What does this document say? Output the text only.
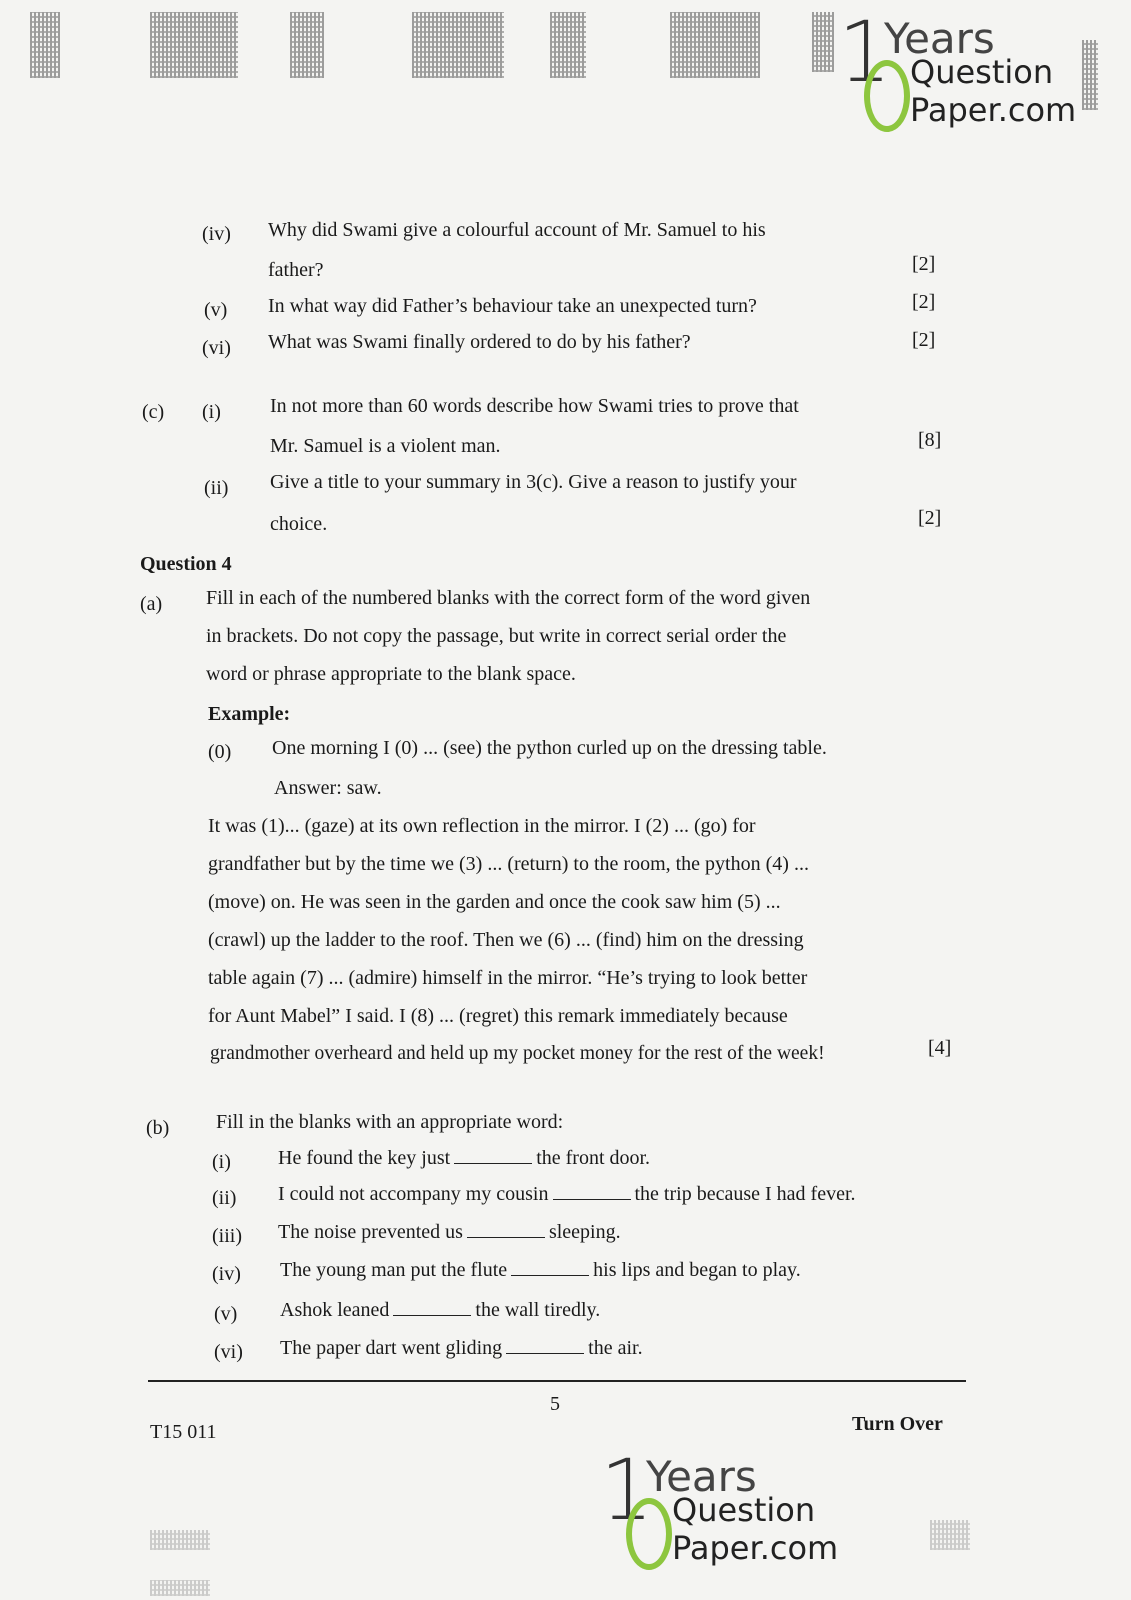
1
Years
Question
Paper.com
1
Years
Question
Paper.com
(iv) Why did Swami give a colourful account of Mr. Samuel to his
father?	[2]
(v) In what way did Father’s behaviour take an unexpected turn?	[2]
(vi) What was Swami finally ordered to do by his father?	[2]
(c) (i) In not more than 60 words describe how Swami tries to prove that
Mr. Samuel is a violent man.	[8]
(ii) Give a title to your summary in 3(c). Give a reason to justify your
choice.	[2]
Question 4
(a) Fill in each of the numbered blanks with the correct form of the word given
in brackets. Do not copy the passage, but write in correct serial order the
word or phrase appropriate to the blank space.
Example:
(0) One morning I (0) ... (see) the python curled up on the dressing table.
Answer: saw.
It was (1)... (gaze) at its own reflection in the mirror. I (2) ... (go) for
grandfather but by the time we (3) ... (return) to the room, the python (4) ...
(move) on. He was seen in the garden and once the cook saw him (5) ...
(crawl) up the ladder to the roof. Then we (6) ... (find) him on the dressing
table again (7) ... (admire) himself in the mirror. “He’s trying to look better
for Aunt Mabel” I said. I (8) ... (regret) this remark immediately because
grandmother overheard and held up my pocket money for the rest of the week!	[4]
(b) Fill in the blanks with an appropriate word:
(i) He found the key just	the front door.
(ii) I could not accompany my cousin	the trip because I had fever.
(iii) The noise prevented us	sleeping.
(iv) The young man put the flute	his lips and began to play.
(v) Ashok leaned	the wall tiredly.
(vi) The paper dart went gliding	the air.
5
T15 011	Turn Over
